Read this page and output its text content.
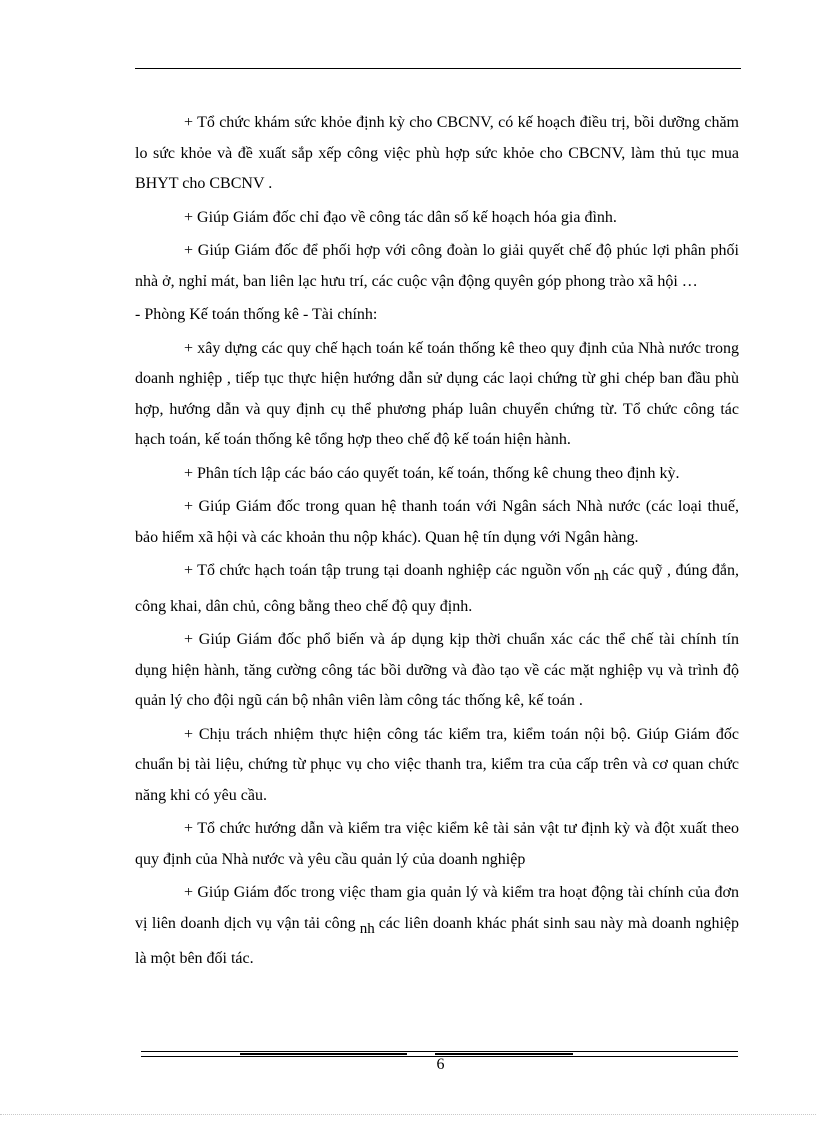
+ Tổ chức khám sức khỏe định kỳ cho CBCNV, có kế hoạch điều trị, bồi dưỡng chăm lo sức khỏe và đề xuất sắp xếp công việc phù hợp sức khỏe cho CBCNV, làm thủ tục mua BHYT cho CBCNV .

+ Giúp Giám đốc chỉ đạo về công tác dân số kế hoạch hóa gia đình.

+ Giúp Giám đốc để phối hợp với công đoàn lo giải quyết chế độ phúc lợi phân phối nhà ở, nghỉ mát, ban liên lạc hưu trí, các cuộc vận động quyên góp phong trào xã hội …

- Phòng Kế toán thống kê - Tài chính:

+ xây dựng các quy chế hạch toán kế toán thống kê theo quy định của Nhà nước trong doanh nghiệp , tiếp tục thực hiện hướng dẫn sử dụng các laọi chứng từ ghi chép ban đầu phù hợp, hướng dẫn và quy định cụ thể phương pháp luân chuyển chứng từ. Tổ chức công tác hạch toán, kế toán thống kê tổng hợp theo chế độ kế toán hiện hành.

+ Phân tích lập các báo cáo quyết toán, kế toán, thống kê chung theo định kỳ.

+ Giúp Giám đốc trong quan hệ thanh toán với Ngân sách Nhà nước (các loại thuế, bảo hiểm xã hội và các khoản thu nộp khác). Quan hệ tín dụng với Ngân hàng.

+ Tổ chức hạch toán tập trung tại doanh nghiệp các nguồn vốn nh các quỹ , đúng đắn, công khai, dân chủ, công bằng theo chế độ quy định.

+ Giúp Giám đốc phổ biến và áp dụng kịp thời chuẩn xác các thể chế tài chính tín dụng hiện hành, tăng cường công tác bồi dưỡng và đào tạo về các mặt nghiệp vụ và trình độ quản lý cho đội ngũ cán bộ nhân viên làm công tác thống kê, kế toán .

+ Chịu trách nhiệm thực hiện công tác kiểm tra, kiểm toán nội bộ. Giúp Giám đốc chuẩn bị tài liệu, chứng từ phục vụ cho việc thanh tra, kiểm tra của cấp trên và cơ quan chức năng khi có yêu cầu.

+ Tổ chức hướng dẫn và kiểm tra việc kiểm kê tài sản vật tư định kỳ và đột xuất theo quy định của Nhà nước và yêu cầu quản lý của doanh nghiệp

+ Giúp Giám đốc trong việc tham gia quản lý và kiểm tra hoạt động tài chính của đơn vị liên doanh dịch vụ vận tải công nh các liên doanh khác phát sinh sau này mà doanh nghiệp là một bên đối tác.

6
